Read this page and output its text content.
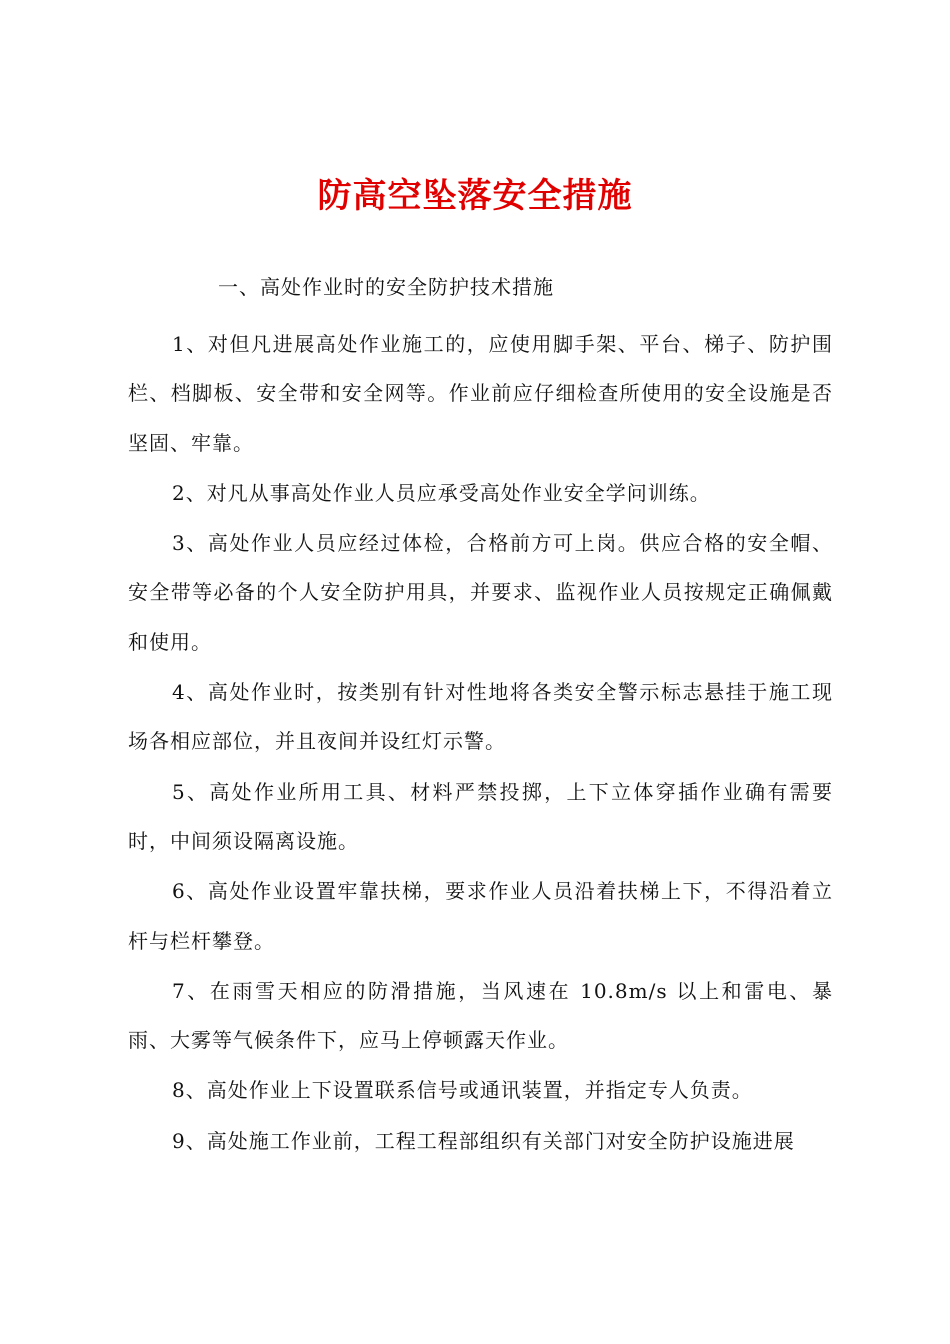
防高空坠落安全措施
一、高处作业时的安全防护技术措施

1、对但凡进展高处作业施工的，应使用脚手架、平台、梯子、防护围栏、档脚板、安全带和安全网等。作业前应仔细检查所使用的安全设施是否坚固、牢靠。

2、对凡从事高处作业人员应承受高处作业安全学问训练。

3、高处作业人员应经过体检，合格前方可上岗。供应合格的安全帽、安全带等必备的个人安全防护用具，并要求、监视作业人员按规定正确佩戴和使用。

4、高处作业时，按类别有针对性地将各类安全警示标志悬挂于施工现场各相应部位，并且夜间并设红灯示警。

5、高处作业所用工具、材料严禁投掷，上下立体穿插作业确有需要时，中间须设隔离设施。

6、高处作业设置牢靠扶梯，要求作业人员沿着扶梯上下，不得沿着立杆与栏杆攀登。

7、在雨雪天相应的防滑措施，当风速在 10.8m/s 以上和雷电、暴雨、大雾等气候条件下，应马上停顿露天作业。

8、高处作业上下设置联系信号或通讯装置，并指定专人负责。

9、高处施工作业前，工程工程部组织有关部门对安全防护设施进展
